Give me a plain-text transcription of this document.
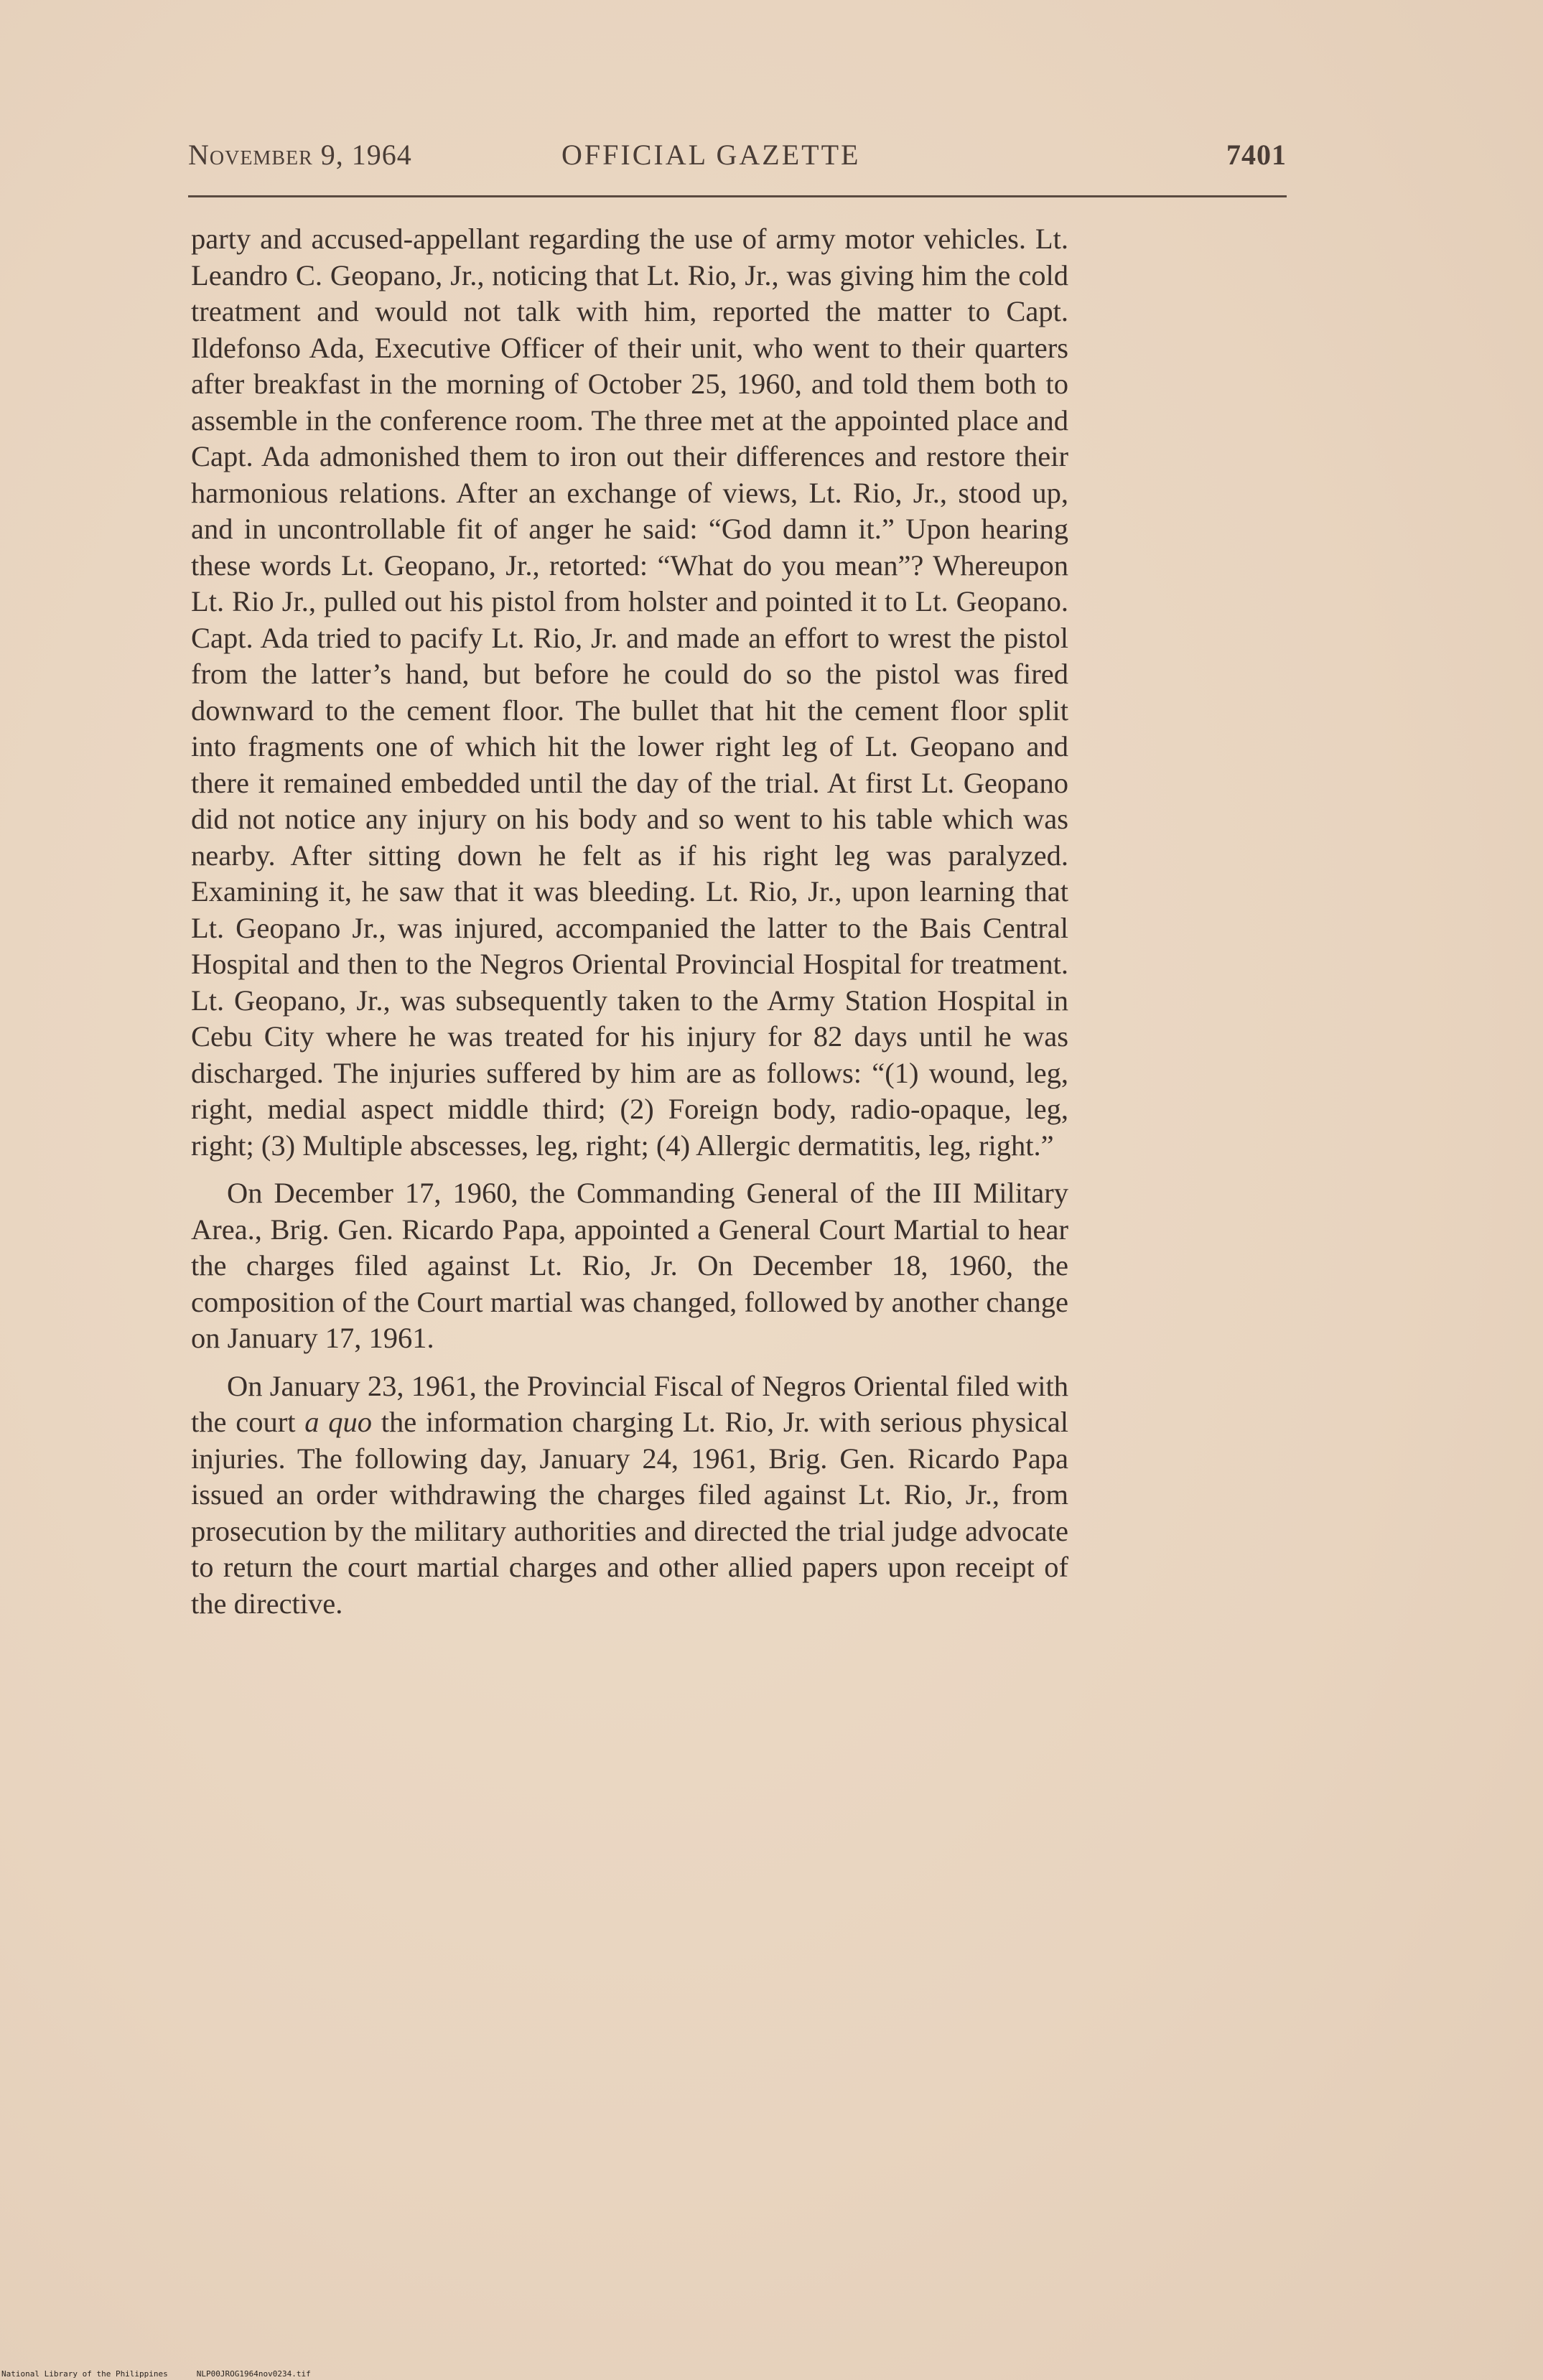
November 9, 1964	OFFICIAL GAZETTE	7401

party and accused-appellant regarding the use of army motor vehicles. Lt. Leandro C. Geopano, Jr., noticing that Lt. Rio, Jr., was giving him the cold treatment and would not talk with him, reported the matter to Capt. Ildefonso Ada, Executive Officer of their unit, who went to their quarters after breakfast in the morning of October 25, 1960, and told them both to assemble in the conference room. The three met at the appointed place and Capt. Ada admonished them to iron out their differences and restore their harmonious relations. After an exchange of views, Lt. Rio, Jr., stood up, and in uncontrollable fit of anger he said: “God damn it.” Upon hearing these words Lt. Geopano, Jr., retorted: “What do you mean”? Whereupon Lt. Rio Jr., pulled out his pistol from holster and pointed it to Lt. Geopano. Capt. Ada tried to pacify Lt. Rio, Jr. and made an effort to wrest the pistol from the latter’s hand, but before he could do so the pistol was fired downward to the cement floor. The bullet that hit the cement floor split into fragments one of which hit the lower right leg of Lt. Geopano and there it remained embedded until the day of the trial. At first Lt. Geopano did not notice any injury on his body and so went to his table which was nearby. After sitting down he felt as if his right leg was paralyzed. Examining it, he saw that it was bleeding. Lt. Rio, Jr., upon learning that Lt. Geopano Jr., was injured, accompanied the latter to the Bais Central Hospital and then to the Negros Oriental Provincial Hospital for treatment. Lt. Geopano, Jr., was subsequently taken to the Army Station Hospital in Cebu City where he was treated for his injury for 82 days until he was discharged. The injuries suffered by him are as follows: “(1) wound, leg, right, medial aspect middle third; (2) Foreign body, radio-opaque, leg, right; (3) Multiple abscesses, leg, right; (4) Allergic dermatitis, leg, right.”

On December 17, 1960, the Commanding General of the III Military Area., Brig. Gen. Ricardo Papa, appointed a General Court Martial to hear the charges filed against Lt. Rio, Jr. On December 18, 1960, the composition of the Court martial was changed, followed by another change on January 17, 1961.

On January 23, 1961, the Provincial Fiscal of Negros Oriental filed with the court a quo the information charging Lt. Rio, Jr. with serious physical injuries. The following day, January 24, 1961, Brig. Gen. Ricardo Papa issued an order withdrawing the charges filed against Lt. Rio, Jr., from prosecution by the military authorities and directed the trial judge advocate to return the court martial charges and other allied papers upon receipt of the directive.

National Library of the Philippines	NLP00JROG1964nov0234.tif
